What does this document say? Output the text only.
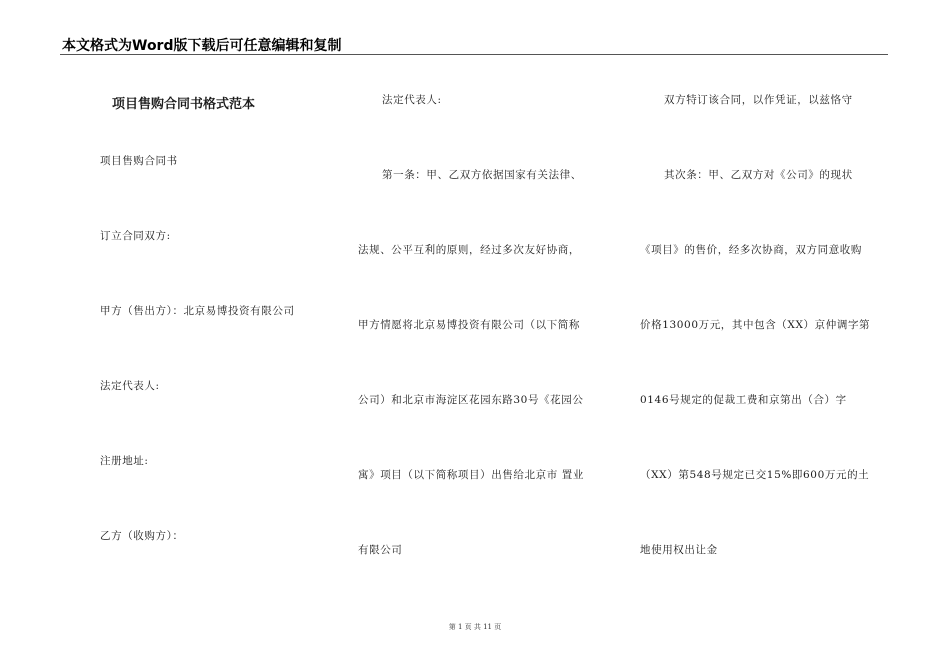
本文格式为Word版下载后可任意编辑和复制
项目售购合同书格式范本
项目售购合同书
订立合同双方:
甲方（售出方）：北京易博投资有限公司
法定代表人:
注册地址:
乙方（收购方）：
法定代表人:
第一条：甲、乙双方依据国家有关法律、
法规、公平互利的原则，经过多次友好协商，
甲方情愿将北京易博投资有限公司（以下简称
公司）和北京市海淀区花园东路30号《花园公
寓》项目（以下简称项目）出售给北京市 置业
有限公司
双方特订该合同，以作凭证，以兹恪守
其次条：甲、乙双方对《公司》的现状
《项目》的售价，经多次协商，双方同意收购
价格13000万元，其中包含（XX）京仲调字第
0146号规定的促裁工费和京第出（合）字
（XX）第548号规定已交15%即600万元的土
地使用权出让金
第 1 页 共 11 页
